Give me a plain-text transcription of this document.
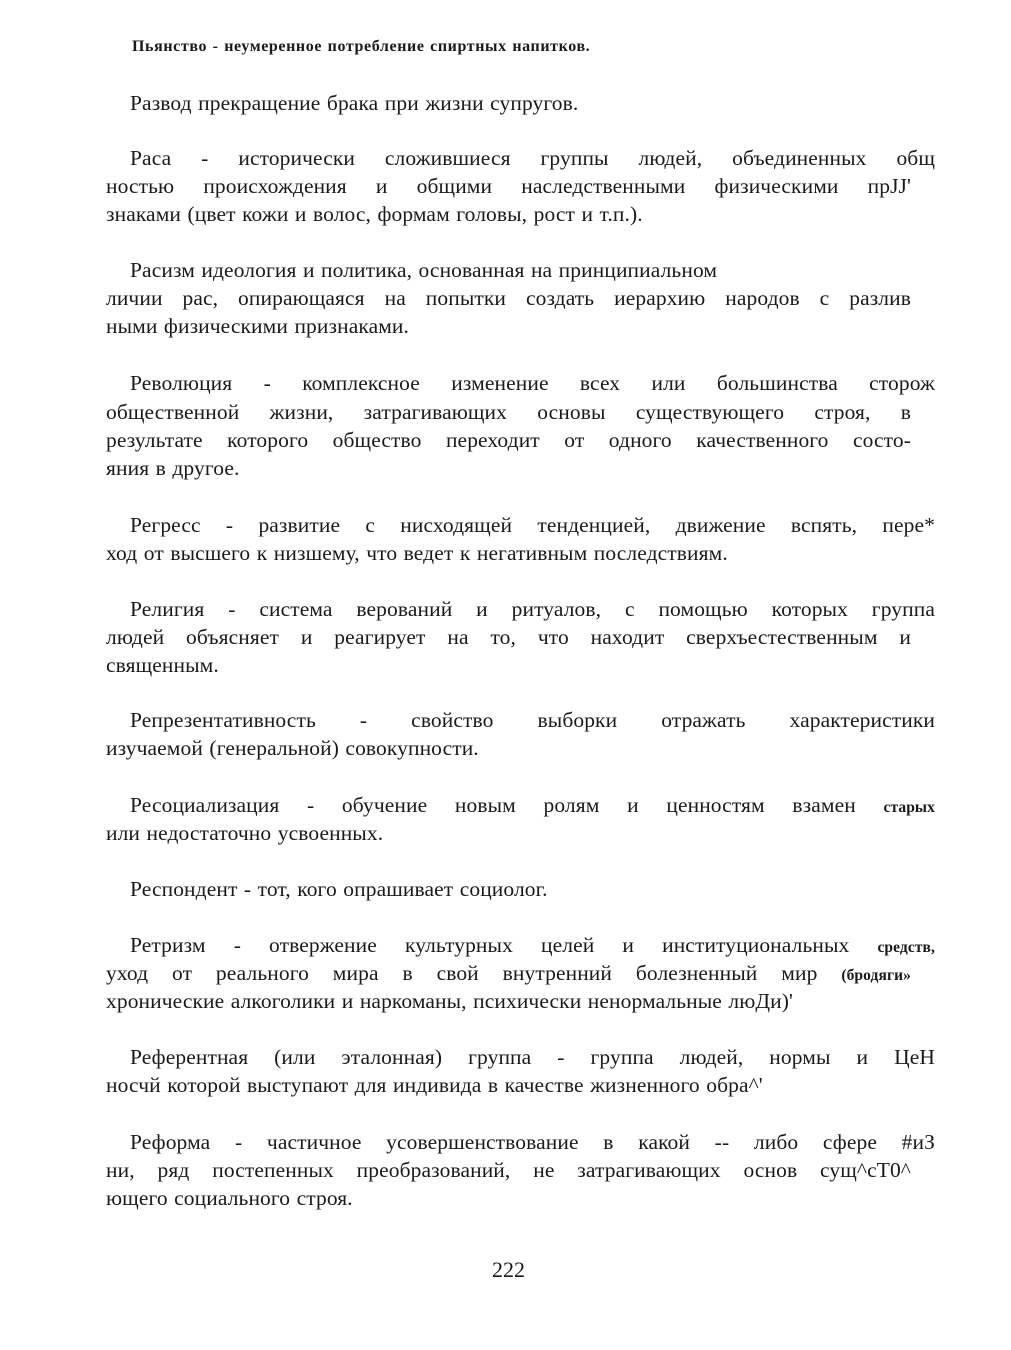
Пьянство - неумеренное потребление спиртных напитков.
Развод прекращение брака при жизни супругов.
Раса - исторически сложившиеся группы людей, объединенных общ
ностью происхождения и общими наследственными физическими прJJ'
знаками (цвет кожи и волос, формам головы, рост и т.п.).
Расизм идеология и политика, основанная на принципиальном
личии рас, опирающаяся на попытки создать иерархию народов с разлив
ными физическими признаками.
Революция - комплексное изменение всех или большинства сторож
общественной жизни, затрагивающих основы существующего строя, в
результате которого общество переходит от одного качественного состо-
яния в другое.
Регресс - развитие с нисходящей тенденцией, движение вспять, пере*
ход от высшего к низшему, что ведет к негативным последствиям.
Религия - система верований и ритуалов, с помощью которых группа
людей объясняет и реагирует на то, что находит сверхъестественным и
священным.
Репрезентативность - свойство выборки отражать характеристики
изучаемой (генеральной) совокупности.
Ресоциализация - обучение новым ролям и ценностям взамен старых
или недостаточно усвоенных.
Респондент - тот, кого опрашивает социолог.
Ретризм - отвержение культурных целей и институциональных средств,
уход от реального мира в свой внутренний болезненный мир (бродяги»
хронические алкоголики и наркоманы, психически ненормальные люДи)'
Референтная (или эталонная) группа - группа людей, нормы и ЦеН
носчй которой выступают для индивида в качестве жизненного обра^'
Реформа - частичное усовершенствование в какой -- либо сфере #иЗ
ни, ряд постепенных преобразований, не затрагивающих основ сущ^сТ0^
ющего социального строя.
222
